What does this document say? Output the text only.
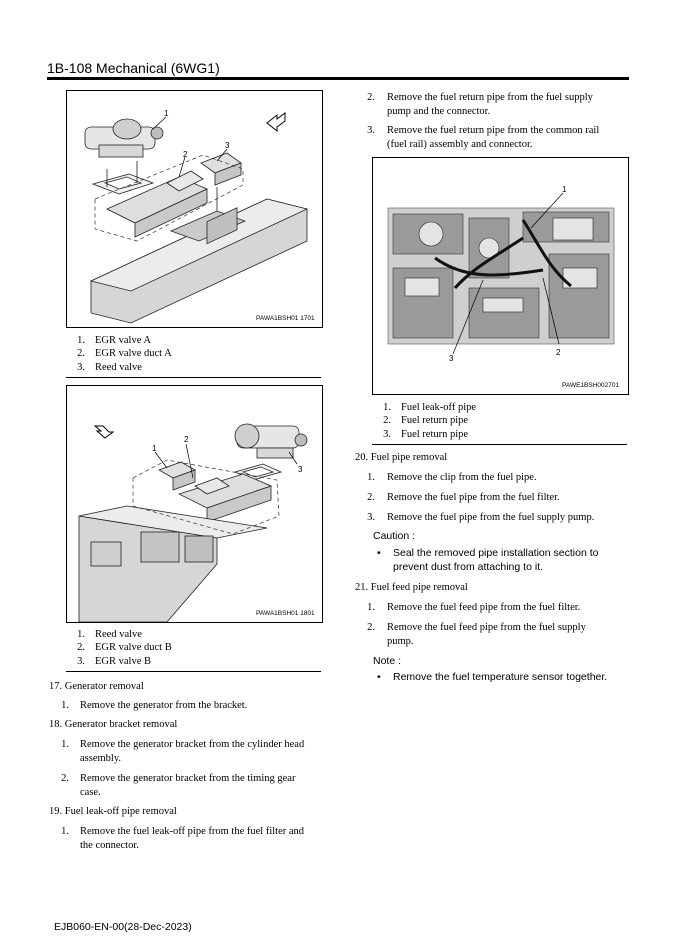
1B-108 Mechanical (6WG1)
1
2
3
PAWA1BSH01 1701
1. EGR valve A
2. EGR valve duct A
3. Reed valve
1
2
3
PAWA1BSH01 1801
1. Reed valve
2. EGR valve duct B
3. EGR valve B
17. Generator removal
1. Remove the generator from the bracket.
18. Generator bracket removal
1. Remove the generator bracket from the cylinder head
assembly.
2. Remove the generator bracket from the timing gear
case.
19. Fuel leak-off pipe removal
1. Remove the fuel leak-off pipe from the fuel filter and
the connector.
2. Remove the fuel return pipe from the fuel supply
pump and the connector.
3. Remove the fuel return pipe from the common rail
(fuel rail) assembly and connector.
1
2
3
PAWE1BSH002701
1. Fuel leak-off pipe
2. Fuel return pipe
3. Fuel return pipe
20. Fuel pipe removal
1. Remove the clip from the fuel pipe.
2. Remove the fuel pipe from the fuel filter.
3. Remove the fuel pipe from the fuel supply pump.
Caution :
• Seal the removed pipe installation section to
prevent dust from attaching to it.
21. Fuel feed pipe removal
1. Remove the fuel feed pipe from the fuel filter.
2. Remove the fuel feed pipe from the fuel supply
pump.
Note :
• Remove the fuel temperature sensor together.
EJB060-EN-00(28-Dec-2023)
